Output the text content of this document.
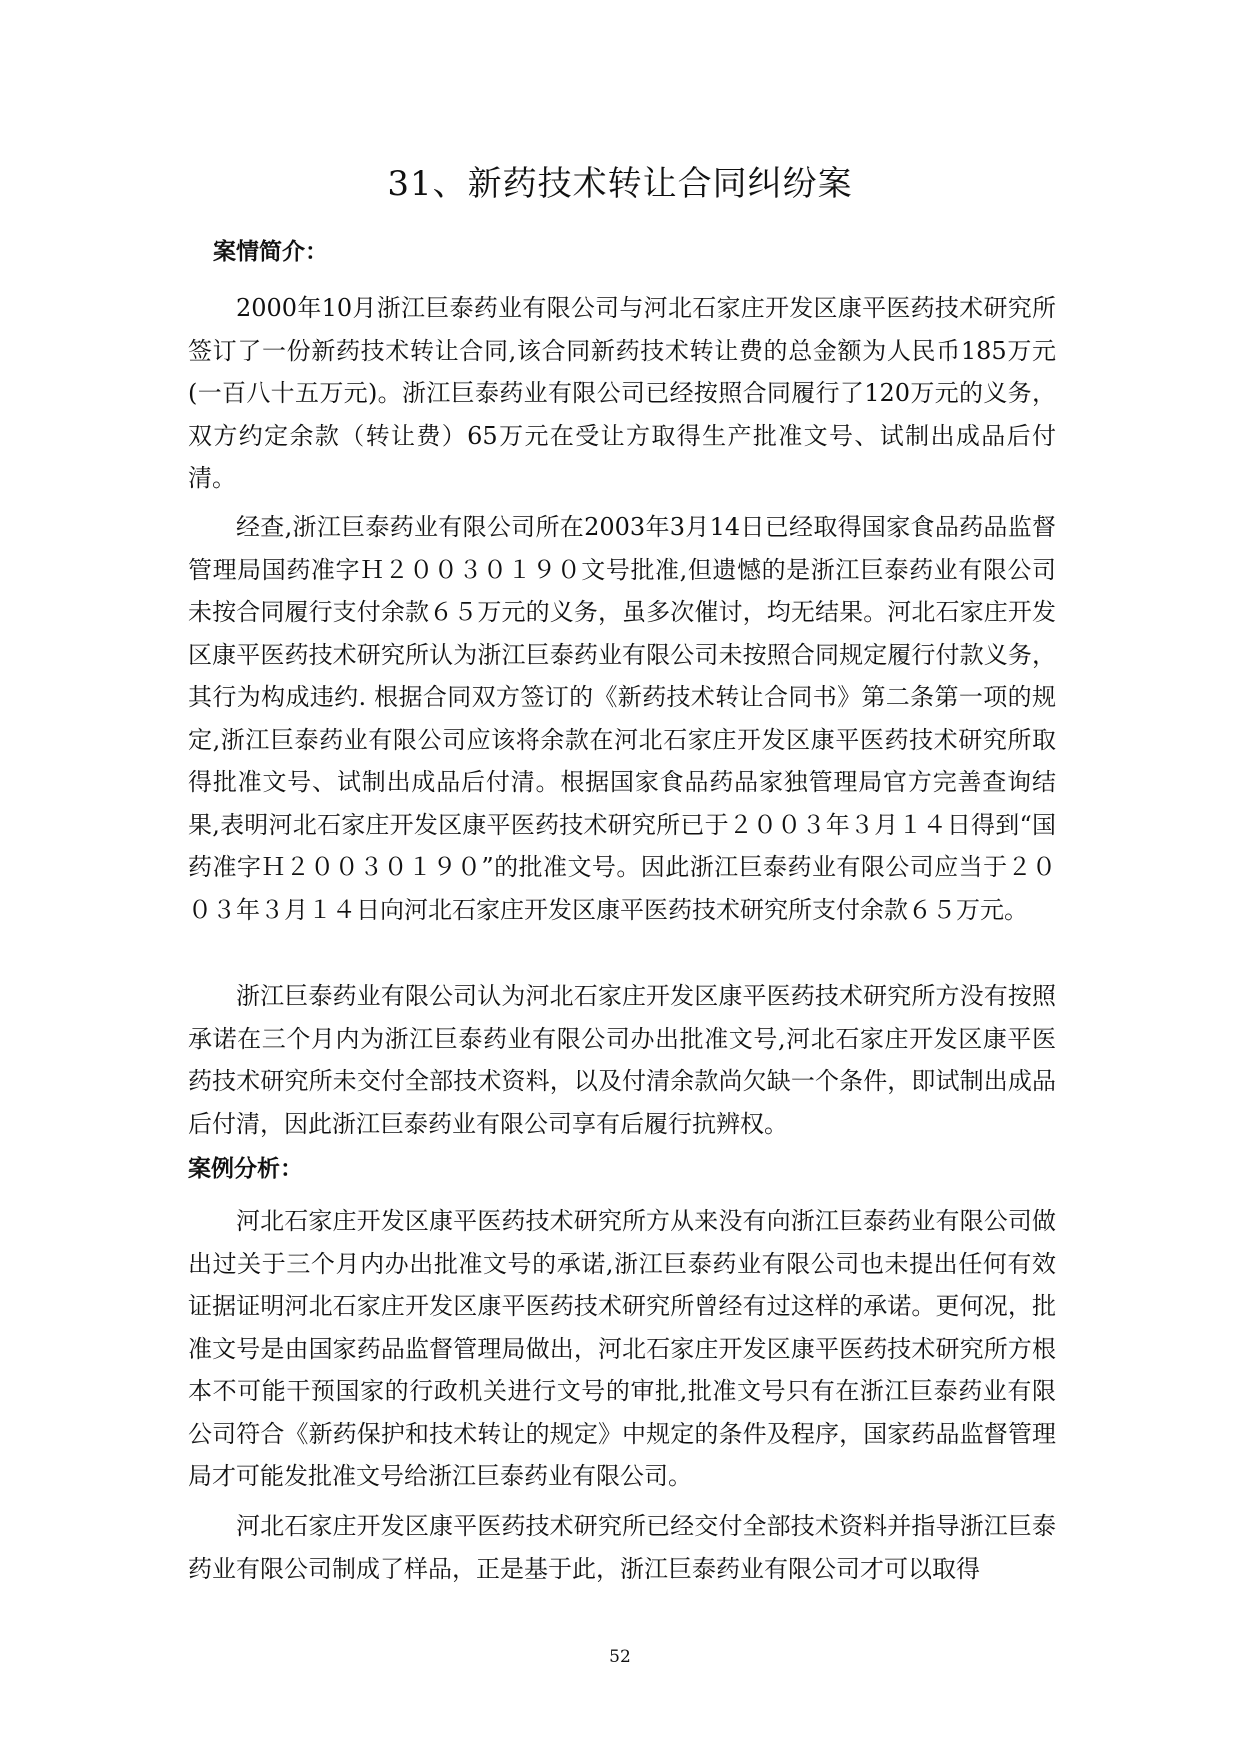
31、新药技术转让合同纠纷案
案情简介：
2000年10月浙江巨泰药业有限公司与河北石家庄开发区康平医药技术研究所签订了一份新药技术转让合同,该合同新药技术转让费的总金额为人民币185万元(一百八十五万元)。浙江巨泰药业有限公司已经按照合同履行了120万元的义务，双方约定余款（转让费）65万元在受让方取得生产批准文号、试制出成品后付清。
经查,浙江巨泰药业有限公司所在2003年3月14日已经取得国家食品药品监督管理局国药准字Ｈ２００３０１９０文号批准,但遗憾的是浙江巨泰药业有限公司未按合同履行支付余款６５万元的义务，虽多次催讨，均无结果。河北石家庄开发区康平医药技术研究所认为浙江巨泰药业有限公司未按照合同规定履行付款义务，其行为构成违约. 根据合同双方签订的《新药技术转让合同书》第二条第一项的规定,浙江巨泰药业有限公司应该将余款在河北石家庄开发区康平医药技术研究所取得批准文号、试制出成品后付清。根据国家食品药品家独管理局官方完善查询结果,表明河北石家庄开发区康平医药技术研究所已于２００３年３月１４日得到“国药准字Ｈ２００３０１９０”的批准文号。因此浙江巨泰药业有限公司应当于２００３年３月１４日向河北石家庄开发区康平医药技术研究所支付余款６５万元。
浙江巨泰药业有限公司认为河北石家庄开发区康平医药技术研究所方没有按照承诺在三个月内为浙江巨泰药业有限公司办出批准文号,河北石家庄开发区康平医药技术研究所未交付全部技术资料，以及付清余款尚欠缺一个条件，即试制出成品后付清，因此浙江巨泰药业有限公司享有后履行抗辨权。
案例分析：
河北石家庄开发区康平医药技术研究所方从来没有向浙江巨泰药业有限公司做出过关于三个月内办出批准文号的承诺,浙江巨泰药业有限公司也未提出任何有效证据证明河北石家庄开发区康平医药技术研究所曾经有过这样的承诺。更何况，批准文号是由国家药品监督管理局做出，河北石家庄开发区康平医药技术研究所方根本不可能干预国家的行政机关进行文号的审批,批准文号只有在浙江巨泰药业有限公司符合《新药保护和技术转让的规定》中规定的条件及程序，国家药品监督管理局才可能发批准文号给浙江巨泰药业有限公司。
河北石家庄开发区康平医药技术研究所已经交付全部技术资料并指导浙江巨泰药业有限公司制成了样品，正是基于此，浙江巨泰药业有限公司才可以取得
52
